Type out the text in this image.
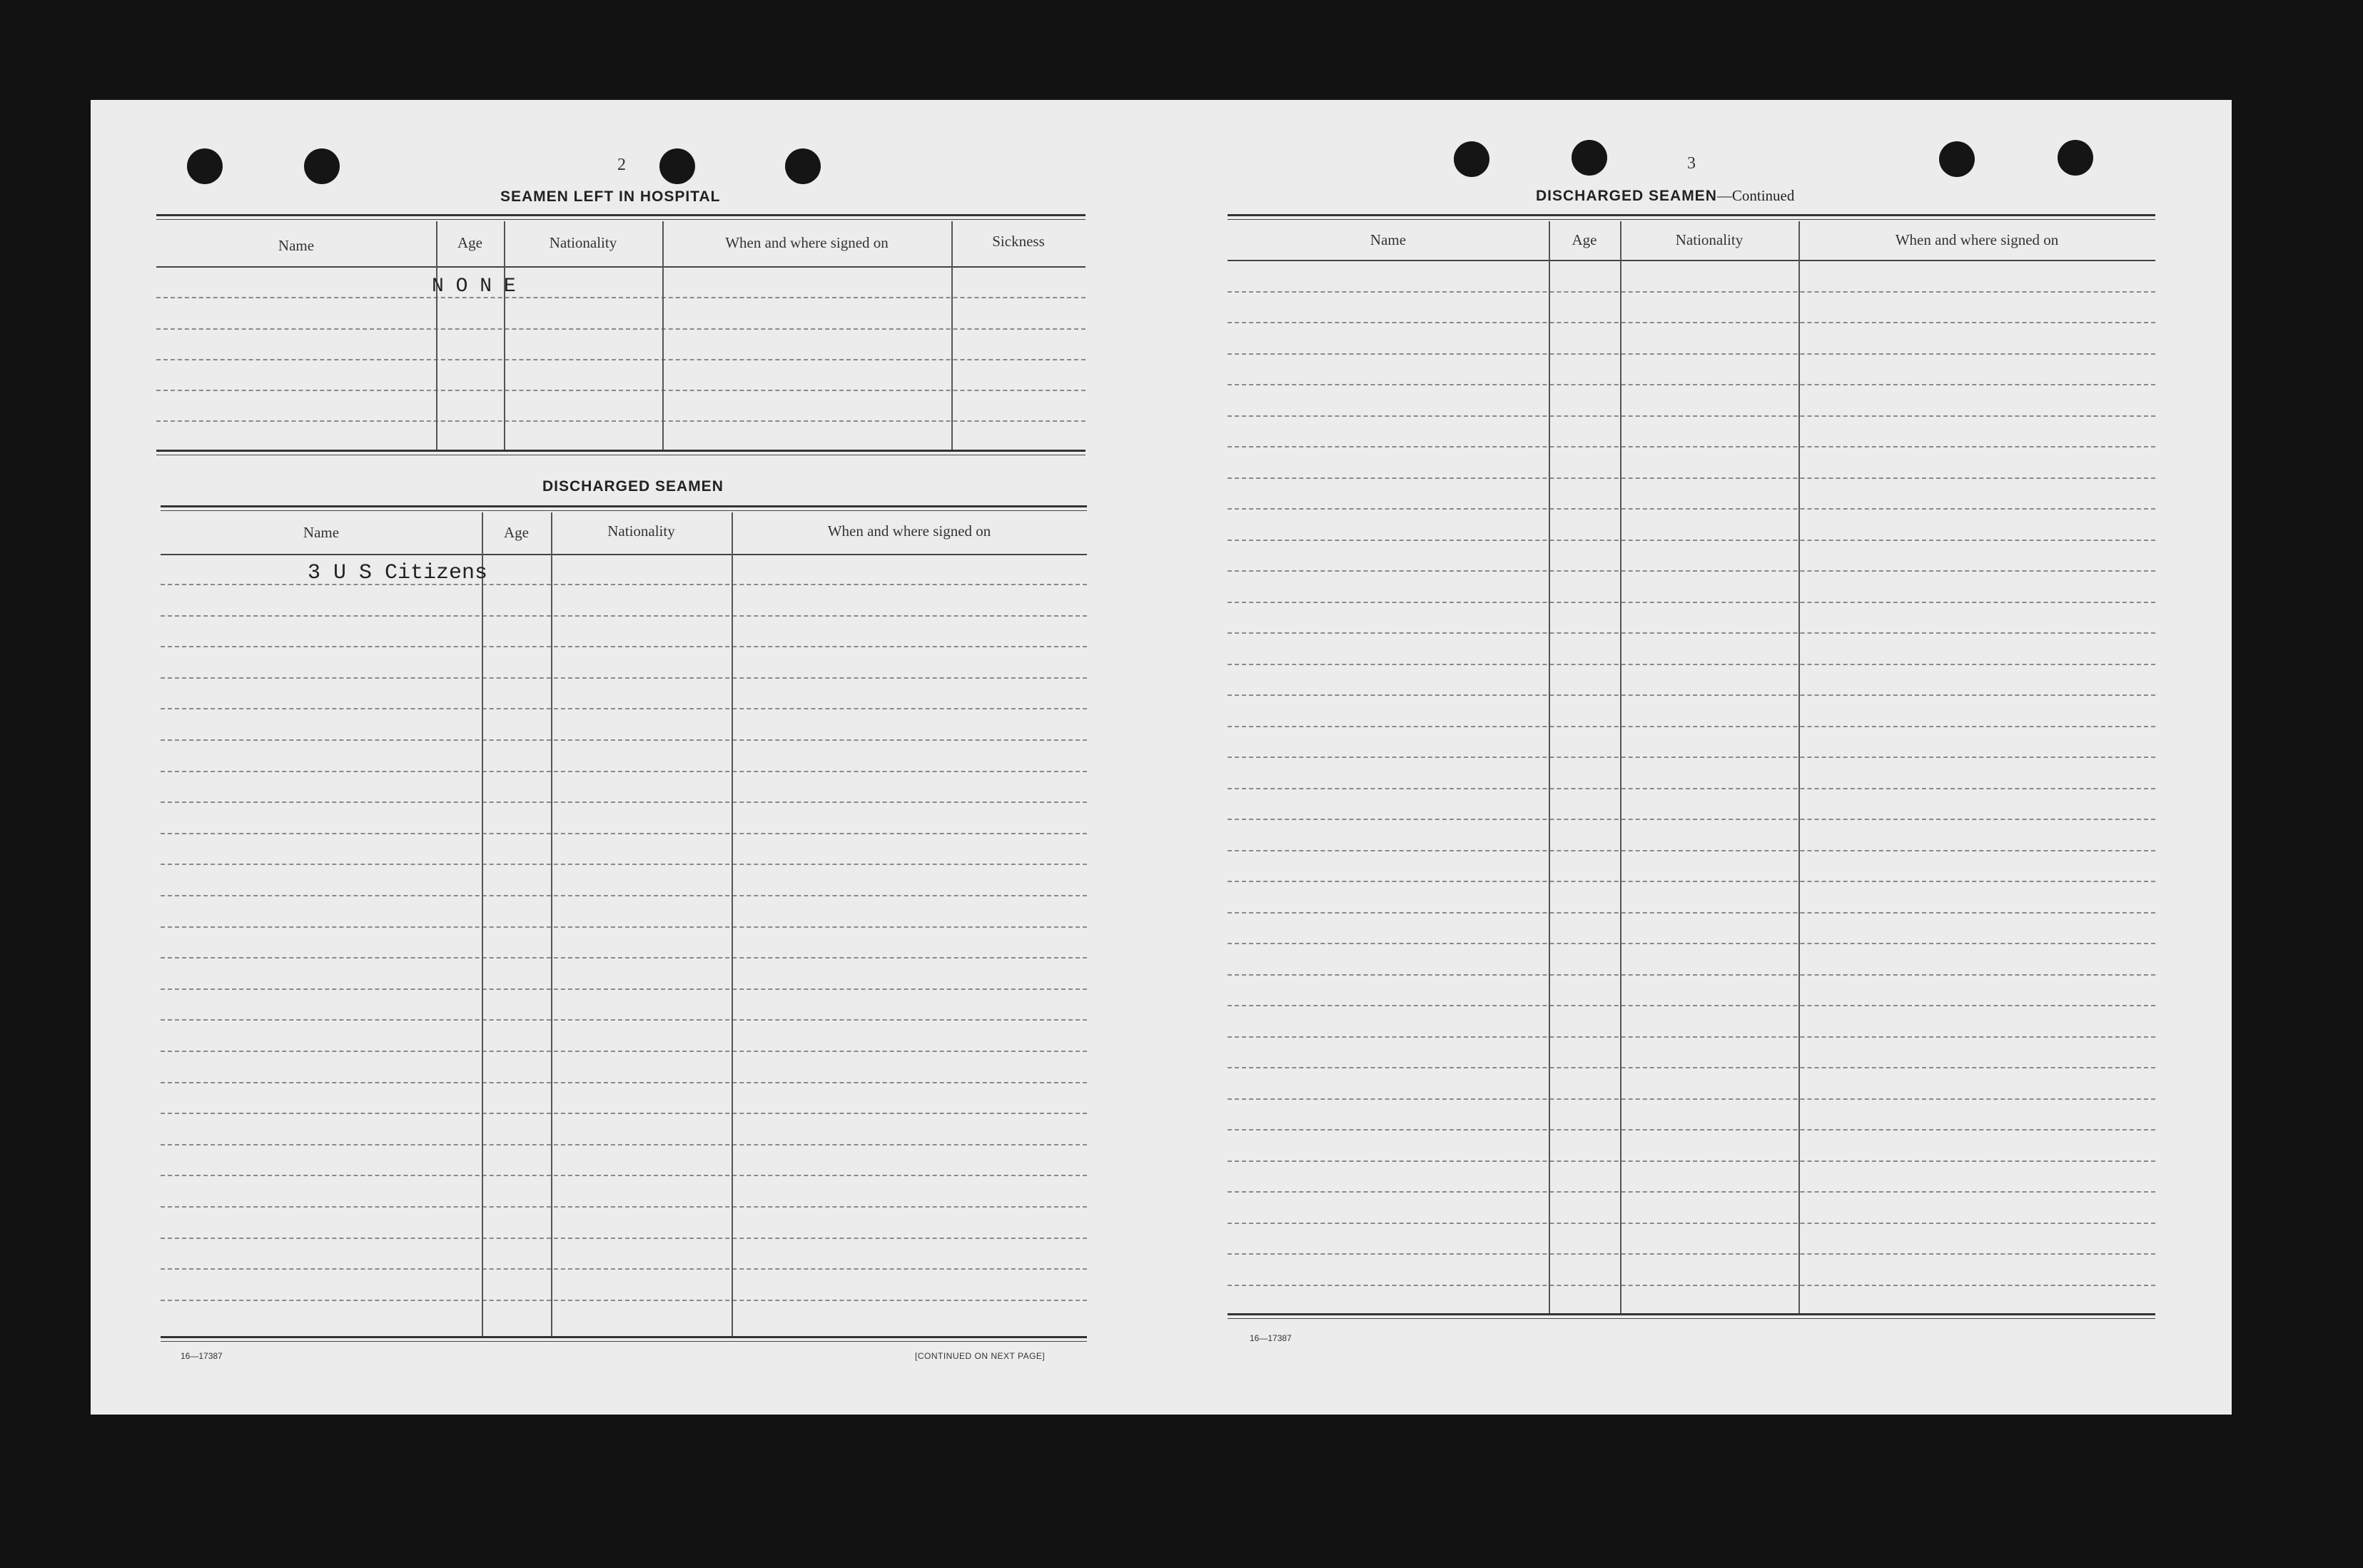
2
SEAMEN LEFT IN HOSPITAL
Name	Age	Nationality	When and where signed on	Sickness
N O N E
DISCHARGED SEAMEN
Name	Age	Nationality	When and where signed on
3 U S Citizens
16—17387	[CONTINUED ON NEXT PAGE]
3
DISCHARGED SEAMEN—Continued
Name	Age	Nationality	When and where signed on
16—17387
